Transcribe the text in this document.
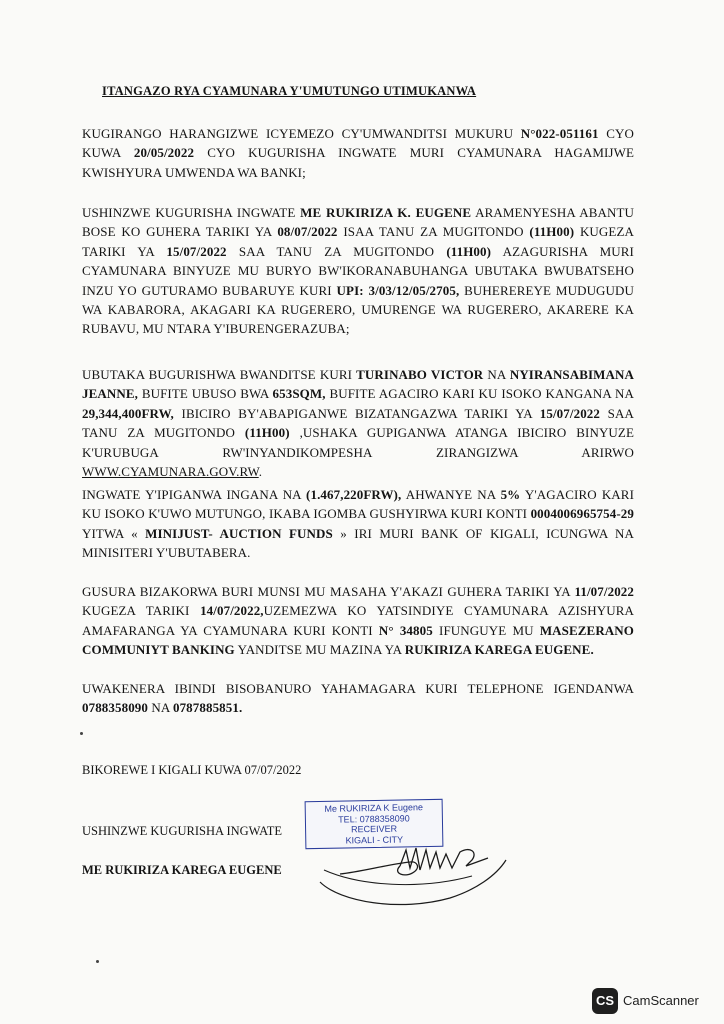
ITANGAZO RYA CYAMUNARA Y'UMUTUNGO UTIMUKANWA
KUGIRANGO HARANGIZWE ICYEMEZO CY'UMWANDITSI MUKURU N°022-051161 CYO KUWA 20/05/2022 CYO KUGURISHA INGWATE MURI CYAMUNARA HAGAMIJWE KWISHYURA UMWENDA WA BANKI;
USHINZWE KUGURISHA INGWATE ME RUKIRIZA K. EUGENE ARAMENYESHA ABANTU BOSE KO GUHERA TARIKI YA 08/07/2022 ISAA TANU ZA MUGITONDO (11H00) KUGEZA TARIKI YA 15/07/2022 SAA TANU ZA MUGITONDO (11H00) AZAGURISHA MURI CYAMUNARA BINYUZE MU BURYO BW'IKORANABUHANGA UBUTAKA BWUBATSEHO INZU YO GUTURAMO BUBARUYE KURI UPI: 3/03/12/05/2705, BUHEREREYE MUDUGUDU WA KABARORA, AKAGARI KA RUGERERO, UMURENGE WA RUGERERO, AKARERE KA RUBAVU, MU NTARA Y'IBURENGERAZUBA;
UBUTAKA BUGURISHWA BWANDITSE KURI TURINABO VICTOR NA NYIRANSABIMANA JEANNE, BUFITE UBUSO BWA 653SQM, BUFITE AGACIRO KARI KU ISOKO KANGANA NA 29,344,400FRW, IBICIRO BY'ABAPIGANWE BIZATANGAZWA TARIKI YA 15/07/2022 SAA TANU ZA MUGITONDO (11H00) ,USHAKA GUPIGANWA ATANGA IBICIRO BINYUZE K'URUBUGA RW'INYANDIKOMPESHA ZIRANGIZWA ARIRWO WWW.CYAMUNARA.GOV.RW.
INGWATE Y'IPIGANWA INGANA NA (1.467,220FRW), AHWANYE NA 5% Y'AGACIRO KARI KU ISOKO K'UWO MUTUNGO, IKABA IGOMBA GUSHYIRWA KURI KONTI 0004006965754-29 YITWA « MINIJUST- AUCTION FUNDS » IRI MURI BANK OF KIGALI, ICUNGWA NA MINISITERI Y'UBUTABERA.
GUSURA BIZAKORWA BURI MUNSI MU MASAHA Y'AKAZI GUHERA TARIKI YA 11/07/2022 KUGEZA TARIKI 14/07/2022,UZEMEZWA KO YATSINDIYE CYAMUNARA AZISHYURA AMAFARANGA YA CYAMUNARA KURI KONTI N° 34805 IFUNGUYE MU MASEZERANO COMMUNIYT BANKING YANDITSE MU MAZINA YA RUKIRIZA KAREGA EUGENE.
UWAKENERA IBINDI BISOBANURO YAHAMAGARA KURI TELEPHONE IGENDANWA 0788358090 NA 0787885851.
BIKOREWE I KIGALI KUWA 07/07/2022
USHINZWE KUGURISHA INGWATE
ME RUKIRIZA KAREGA EUGENE
Me RUKIRIZA K Eugene
TEL: 0788358090
RECEIVER
KIGALI - CITY
CS CamScanner
